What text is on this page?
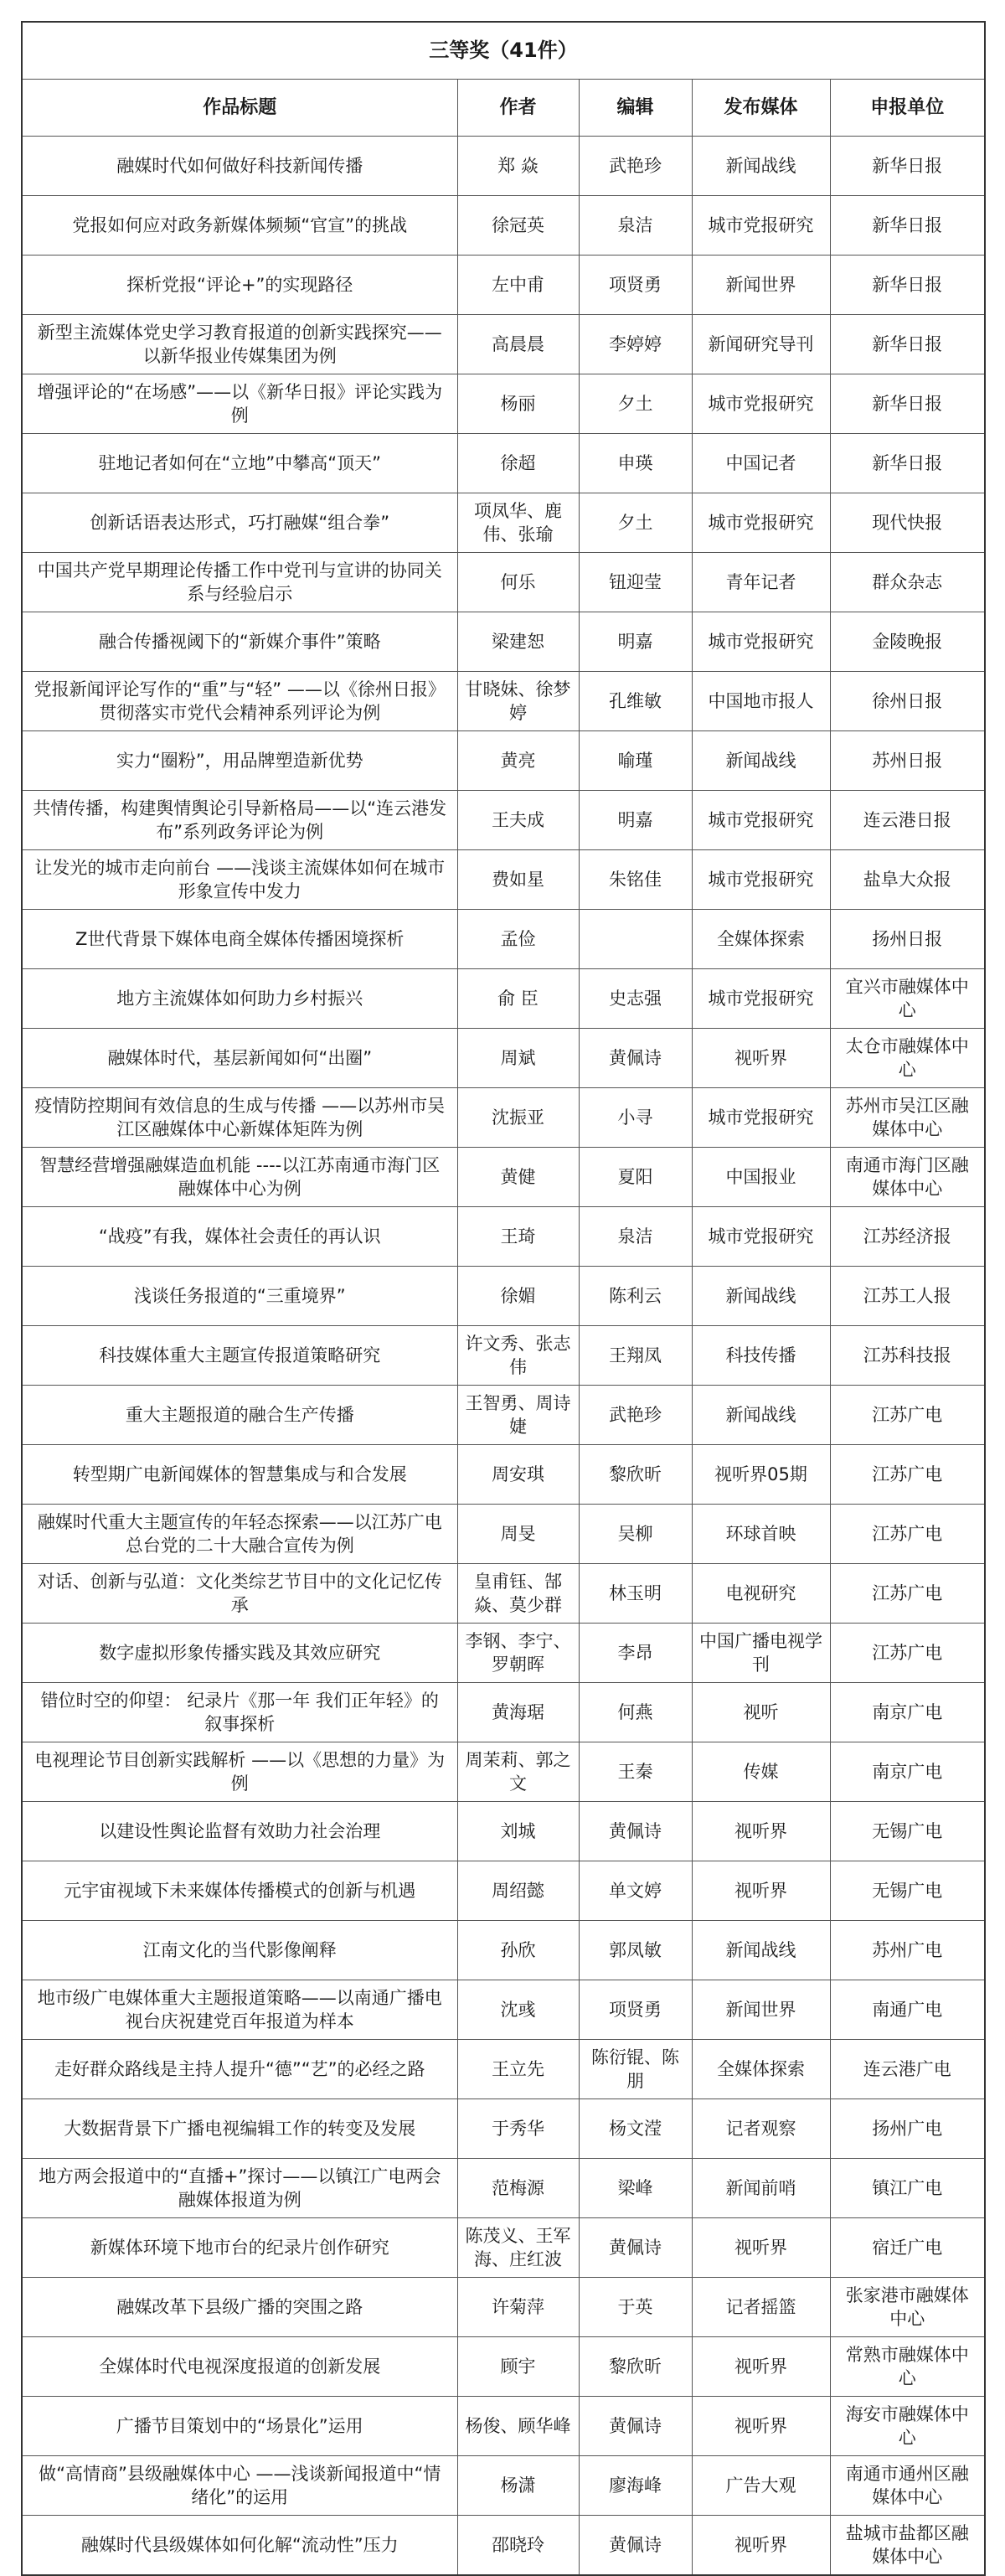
三等奖（41件）				
作品标题	作者	编辑	发布媒体	申报单位
融媒时代如何做好科技新闻传播	郑 焱	武艳珍	新闻战线	新华日报
党报如何应对政务新媒体频频“官宣”的挑战	徐冠英	泉洁	城市党报研究	新华日报
探析党报“评论+”的实现路径	左中甫	项贤勇	新闻世界	新华日报
新型主流媒体党史学习教育报道的创新实践探究——以新华报业传媒集团为例	高晨晨	李婷婷	新闻研究导刊	新华日报
增强评论的“在场感”——以《新华日报》评论实践为例	杨丽	夕土	城市党报研究	新华日报
驻地记者如何在“立地”中攀高“顶天”	徐超	申瑛	中国记者	新华日报
创新话语表达形式，巧打融媒“组合拳”	项凤华、鹿伟、张瑜	夕土	城市党报研究	现代快报
中国共产党早期理论传播工作中党刊与宣讲的协同关系与经验启示	何乐	钮迎莹	青年记者	群众杂志
融合传播视阈下的“新媒介事件”策略	梁建恕	明嘉	城市党报研究	金陵晚报
党报新闻评论写作的“重”与“轻” ——以《徐州日报》贯彻落实市党代会精神系列评论为例	甘晓妹、徐梦婷	孔维敏	中国地市报人	徐州日报
实力“圈粉”，用品牌塑造新优势	黄亮	喻瑾	新闻战线	苏州日报
共情传播，构建舆情舆论引导新格局——以“连云港发布”系列政务评论为例	王夫成	明嘉	城市党报研究	连云港日报
让发光的城市走向前台 ——浅谈主流媒体如何在城市形象宣传中发力	费如星	朱铭佳	城市党报研究	盐阜大众报
Z世代背景下媒体电商全媒体传播困境探析	孟俭		全媒体探索	扬州日报
地方主流媒体如何助力乡村振兴	俞 臣	史志强	城市党报研究	宜兴市融媒体中心
融媒体时代，基层新闻如何“出圈”	周斌	黄佩诗	视听界	太仓市融媒体中心
疫情防控期间有效信息的生成与传播 ——以苏州市吴江区融媒体中心新媒体矩阵为例	沈振亚	小寻	城市党报研究	苏州市吴江区融媒体中心
智慧经营增强融媒造血机能 ----以江苏南通市海门区融媒体中心为例	黄健	夏阳	中国报业	南通市海门区融媒体中心
“战疫”有我，媒体社会责任的再认识	王琦	泉洁	城市党报研究	江苏经济报
浅谈任务报道的“三重境界”	徐媚	陈利云	新闻战线	江苏工人报
科技媒体重大主题宣传报道策略研究	许文秀、张志伟	王翔凤	科技传播	江苏科技报
重大主题报道的融合生产传播	王智勇、周诗婕	武艳珍	新闻战线	江苏广电
转型期广电新闻媒体的智慧集成与和合发展	周安琪	黎欣昕	视听界05期	江苏广电
融媒时代重大主题宣传的年轻态探索——以江苏广电总台党的二十大融合宣传为例	周旻	吴柳	环球首映	江苏广电
对话、创新与弘道：文化类综艺节目中的文化记忆传承	皇甫钰、郜焱、莫少群	林玉明	电视研究	江苏广电
数字虚拟形象传播实践及其效应研究	李钢、李宁、罗朝晖	李昂	中国广播电视学刊	江苏广电
错位时空的仰望： 纪录片《那一年 我们正年轻》的叙事探析	黄海琚	何燕	视听	南京广电
电视理论节目创新实践解析 ——以《思想的力量》为例	周茉莉、郭之文	王秦	传媒	南京广电
以建设性舆论监督有效助力社会治理	刘城	黄佩诗	视听界	无锡广电
元宇宙视域下未来媒体传播模式的创新与机遇	周绍懿	单文婷	视听界	无锡广电
江南文化的当代影像阐释	孙欣	郭凤敏	新闻战线	苏州广电
地市级广电媒体重大主题报道策略——以南通广播电视台庆祝建党百年报道为样本	沈彧	项贤勇	新闻世界	南通广电
走好群众路线是主持人提升“德”“艺”的必经之路	王立先	陈衍锟、陈朋	全媒体探索	连云港广电
大数据背景下广播电视编辑工作的转变及发展	于秀华	杨文滢	记者观察	扬州广电
地方两会报道中的“直播+”探讨——以镇江广电两会融媒体报道为例	范梅源	梁峰	新闻前哨	镇江广电
新媒体环境下地市台的纪录片创作研究	陈茂义、王军海、庄红波	黄佩诗	视听界	宿迁广电
融媒改革下县级广播的突围之路	许菊萍	于英	记者摇篮	张家港市融媒体中心
全媒体时代电视深度报道的创新发展	顾宇	黎欣昕	视听界	常熟市融媒体中心
广播节目策划中的“场景化”运用	杨俊、顾华峰	黄佩诗	视听界	海安市融媒体中心
做“高情商”县级融媒体中心 ——浅谈新闻报道中“情绪化”的运用	杨潇	廖海峰	广告大观	南通市通州区融媒体中心
融媒时代县级媒体如何化解“流动性”压力	邵晓玲	黄佩诗	视听界	盐城市盐都区融媒体中心
